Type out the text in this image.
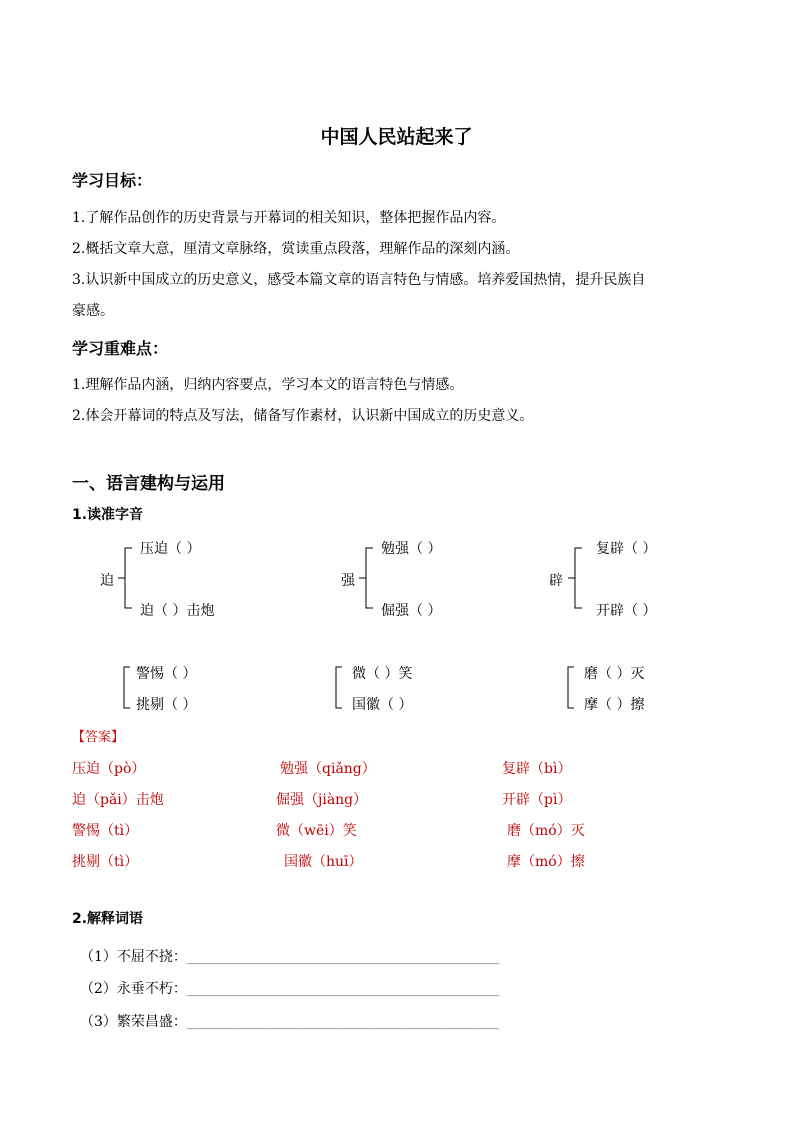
中国人民站起来了
学习目标：
1.了解作品创作的历史背景与开幕词的相关知识，整体把握作品内容。
2.概括文章大意，厘清文章脉络，赏读重点段落，理解作品的深刻内涵。
3.认识新中国成立的历史意义，感受本篇文章的语言特色与情感。培养爱国热情，提升民族自
豪感。
学习重难点：
1.理解作品内涵，归纳内容要点，学习本文的语言特色与情感。
2.体会开幕词的特点及写法，储备写作素材，认识新中国成立的历史意义。
一、语言建构与运用
1.读准字音
迫
压迫（ ）
迫（ ）击炮
强
勉强（ ）
倔强（ ）
辟
复辟（ ）
开辟（ ）
警惕（ ）
挑剔（ ）
微（ ）笑
国徽（ ）
磨（ ）灭
摩（ ）擦
【答案】
压迫（pò）	勉强（qiǎng）	复辟（bì）
迫（pǎi）击炮	倔强（jiàng）	开辟（pì）
警惕（tì）	微（wēi）笑	磨（mó）灭
挑剔（tì）	国徽（huī）	摩（mó）擦
2.解释词语
（1）不屈不挠：________________________________________________
（2）永垂不朽：________________________________________________
（3）繁荣昌盛：________________________________________________
